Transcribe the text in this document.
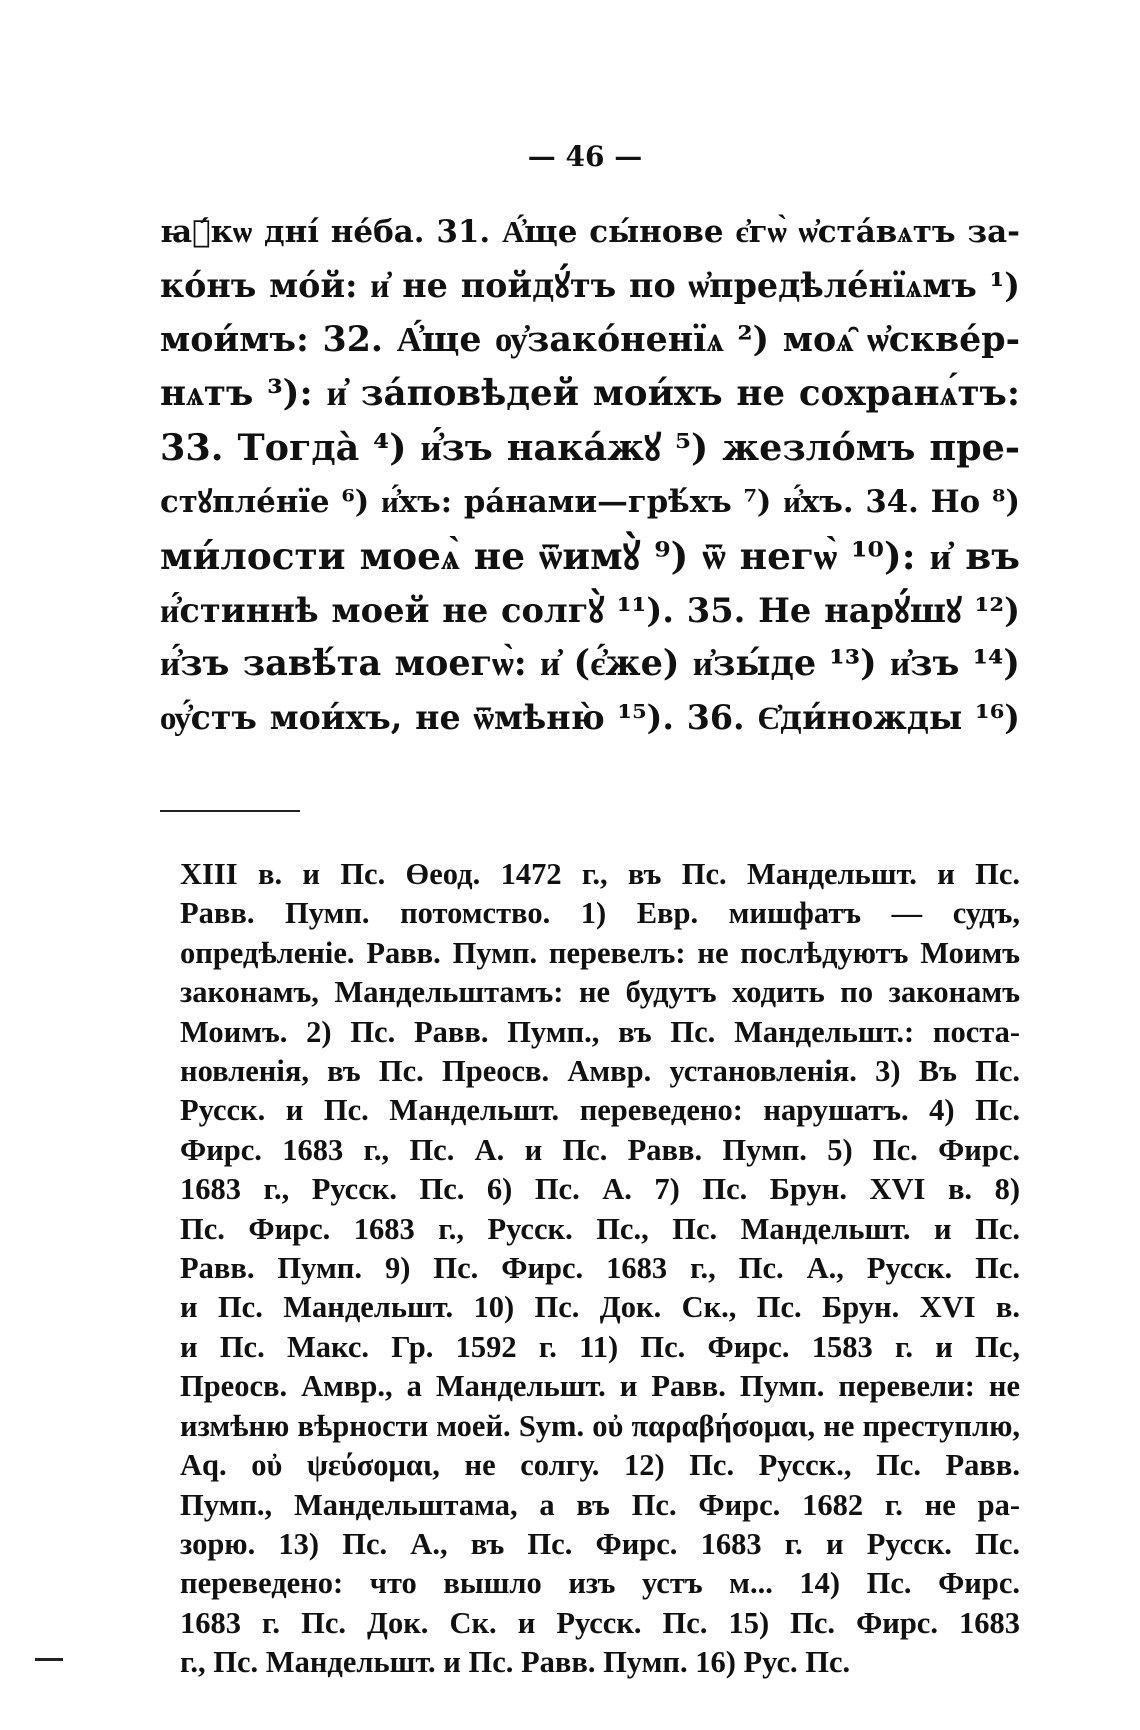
— 46 —
ꙗ҆́кѡ дні́ не́ба. 31. А҆́ще сы́нове є҆гѡ̀ ѡ҆ста́вѧтъ за-
ко́нъ мо́й: и҆ не пойдꙋ́тъ по ѡ҆предѣле́нїѧмъ ¹)
мои́мъ: 32. А҆́ще ѹ҆зако́ненїѧ ²) моѧ̑ ѡ҆скве́р-
нѧтъ ³): и҆ за́повѣдей мои́хъ не сохранѧ́тъ:
33. Тогда̀ ⁴) и҆́зъ нака́жꙋ ⁵) жезло́мъ пре-
стꙋпле́нїе ⁶) и҆́хъ: ра́нами—грѣ́хъ ⁷) и҆́хъ. 34. Но ⁸)
ми́лости моеѧ̀ не ѿимꙋ̀ ⁹) ѿ негѡ̀ ¹⁰): и҆ въ
и҆́стиннѣ моей не солгꙋ̀ ¹¹). 35. Не нарꙋ́шꙋ ¹²)
и҆́зъ завѣ́та моегѡ̀: и҆ (є҆́же) и҆зы́де ¹³) и҆зъ ¹⁴)
ѹ҆́стъ мои́хъ, не ѿмѣню̀ ¹⁵). 36. Є҆ди́ножды ¹⁶)
XIII в. и Пс. Өеод. 1472 г., въ Пс. Мандельшт. и Пс.
Равв. Пумп. потомство. 1) Евр. мишфатъ — судъ,
опредѣленіе. Равв. Пумп. перевелъ: не послѣдуютъ Моимъ
законамъ, Мандельштамъ: не будутъ ходить по законамъ
Моимъ. 2) Пс. Равв. Пумп., въ Пс. Мандельшт.: поста-
новленія, въ Пс. Преосв. Амвр. установленія. 3) Въ Пс.
Русск. и Пс. Мандельшт. переведено: нарушатъ. 4) Пс.
Фирс. 1683 г., Пс. А. и Пс. Равв. Пумп. 5) Пс. Фирс.
1683 г., Русск. Пс. 6) Пс. А. 7) Пс. Брун. XVI в. 8)
Пс. Фирс. 1683 г., Русск. Пс., Пс. Мандельшт. и Пс.
Равв. Пумп. 9) Пс. Фирс. 1683 г., Пс. А., Русск. Пс.
и Пс. Мандельшт. 10) Пс. Док. Ск., Пс. Брун. XVI в.
и Пс. Макс. Гр. 1592 г. 11) Пс. Фирс. 1583 г. и Пс,
Преосв. Амвр., а Мандельшт. и Равв. Пумп. перевели: не
измѣню вѣрности моей. Sym. οὐ παραβήσομαι, не преступлю,
Aq. οὐ ψεύσομαι, не солгу. 12) Пс. Русск., Пс. Равв.
Пумп., Мандельштама, а въ Пс. Фирс. 1682 г. не ра-
зорю. 13) Пс. А., въ Пс. Фирс. 1683 г. и Русск. Пс.
переведено: что вышло изъ устъ м... 14) Пс. Фирс.
1683 г. Пс. Док. Ск. и Русск. Пс. 15) Пс. Фирс. 1683
г., Пс. Мандельшт. и Пс. Равв. Пумп. 16) Рус. Пс.
